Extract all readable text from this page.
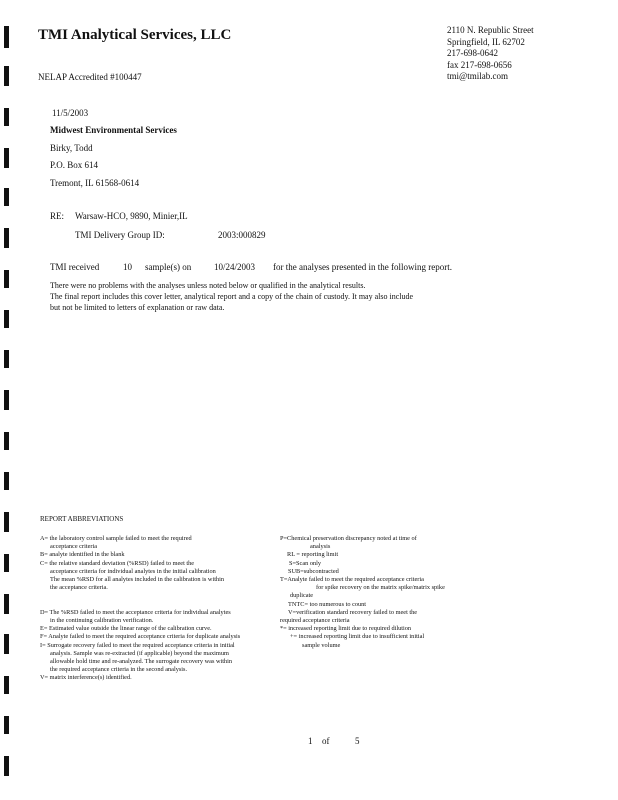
TMI Analytical Services, LLC
NELAP Accredited #100447
2110 N. Republic Street
Springfield, IL 62702
217-698-0642
fax 217-698-0656
tmi@tmilab.com
11/5/2003
Midwest Environmental Services
Birky, Todd
P.O. Box 614
Tremont, IL 61568-0614
RE: Warsaw-HCO, 9890, Minier,IL
TMI Delivery Group ID:	2003:000829
TMI received	10 sample(s) on	10/24/2003 for the analyses presented in the following report.
There were no problems with the analyses unless noted below or qualified in the analytical results.
The final report includes this cover letter, analytical report and a copy of the chain of custody. It may also include
but not be limited to letters of explanation or raw data.
REPORT ABBREVIATIONS
A= the laboratory control sample failed to meet the required
acceptance criteria
B= analyte identified in the blank
C= the relative standard deviation (%RSD) failed to meet the
acceptance criteria for individual analytes in the initial calibration
The mean %RSD for all analytes included in the calibration is within
the acceptance criteria.
D= The %RSD failed to meet the acceptance criteria for individual analytes
in the continuing calibration verification.
E= Estimated value outside the linear range of the calibration curve.
F= Analyte failed to meet the required acceptance criteria for duplicate analysis
I= Surrogate recovery failed to meet the required acceptance criteria in initial
analysis. Sample was re-extracted (if applicable) beyond the maximum
allowable hold time and re-analyzed. The surrogate recovery was within
the required acceptance criteria in the second analysis.
V= matrix interference(s) identified.
P=Chemical preservation discrepancy noted at time of
analysis
RL = reporting limit
S=Scan only
SUB=subcontracted
T=Analyte failed to meet the required acceptance criteria
for spike recovery on the matrix spike/matrix spike
duplicate
TNTC= too numerous to count
V=verification standard recovery failed to meet the
required acceptance criteria
*= increased reporting limit due to required dilution
+= increased reporting limit due to insufficient initial
sample volume
1 of	5
